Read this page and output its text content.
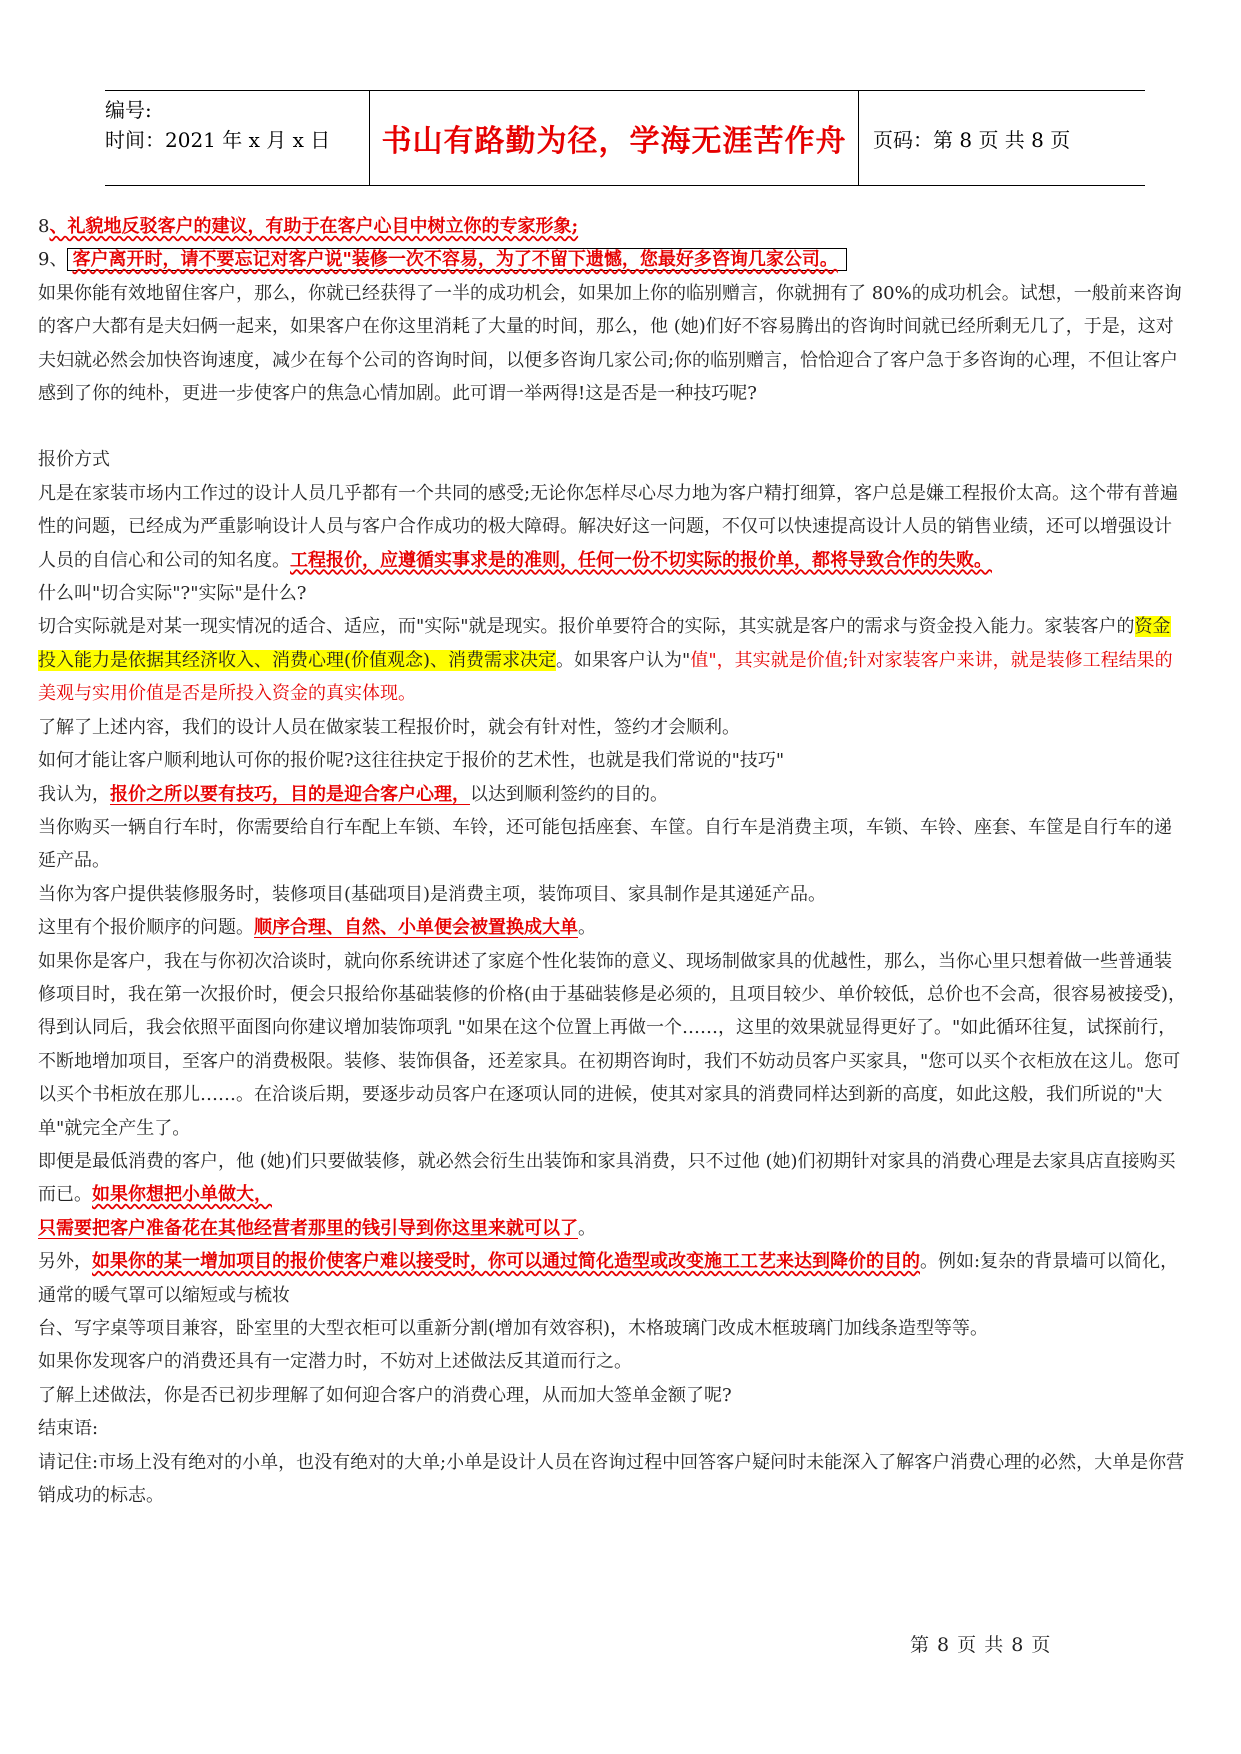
编号:
时间：2021 年 x 月 x 日	书山有路勤为径，学海无涯苦作舟	页码：第 8 页 共 8 页

8、礼貌地反驳客户的建议，有助于在客户心目中树立你的专家形象;

9、 客户离开时，请不要忘记对客户说"装修一次不容易，为了不留下遗憾，您最好多咨询几家公司。

如果你能有效地留住客户，那么，你就已经获得了一半的成功机会，如果加上你的临别赠言，你就拥有了 80%的成功机会。试想，一般前来咨询的客户大都有是夫妇俩一起来，如果客户在你这里消耗了大量的时间，那么，他 (她)们好不容易腾出的咨询时间就已经所剩无几了，于是，这对夫妇就必然会加快咨询速度，减少在每个公司的咨询时间，以便多咨询几家公司;你的临别赠言，恰恰迎合了客户急于多咨询的心理，不但让客户感到了你的纯朴，更进一步使客户的焦急心情加剧。此可谓一举两得!这是否是一种技巧呢?

报价方式

凡是在家装市场内工作过的设计人员几乎都有一个共同的感受;无论你怎样尽心尽力地为客户精打细算，客户总是嫌工程报价太高。这个带有普遍性的问题，已经成为严重影响设计人员与客户合作成功的极大障碍。解决好这一问题，不仅可以快速提高设计人员的销售业绩，还可以增强设计人员的自信心和公司的知名度。工程报价，应遵循实事求是的准则，任何一份不切实际的报价单，都将导致合作的失败。

什么叫"切合实际"?"实际"是什么?

切合实际就是对某一现实情况的适合、适应，而"实际"就是现实。报价单要符合的实际，其实就是客户的需求与资金投入能力。家装客户的资金投入能力是依据其经济收入、消费心理(价值观念)、消费需求决定。如果客户认为"值"，其实就是价值;针对家装客户来讲，就是装修工程结果的美观与实用价值是否是所投入资金的真实体现。

了解了上述内容，我们的设计人员在做家装工程报价时，就会有针对性，签约才会顺利。

如何才能让客户顺利地认可你的报价呢?这往往抉定于报价的艺术性，也就是我们常说的"技巧"

我认为，报价之所以要有技巧，目的是迎合客户心理，以达到顺利签约的目的。

当你购买一辆自行车时，你需要给自行车配上车锁、车铃，还可能包括座套、车筐。自行车是消费主项，车锁、车铃、座套、车筐是自行车的递延产品。

当你为客户提供装修服务时，装修项目(基础项目)是消费主项，装饰项目、家具制作是其递延产品。

这里有个报价顺序的问题。顺序合理、自然、小单便会被置换成大单。

如果你是客户，我在与你初次洽谈时，就向你系统讲述了家庭个性化装饰的意义、现场制做家具的优越性，那么，当你心里只想着做一些普通装修项目时，我在第一次报价时，便会只报给你基础装修的价格(由于基础装修是必须的，且项目较少、单价较低，总价也不会高，很容易被接受)，得到认同后，我会依照平面图向你建议增加装饰项乳 "如果在这个位置上再做一个……，这里的效果就显得更好了。"如此循环往复，试探前行，不断地增加项目，至客户的消费极限。装修、装饰俱备，还差家具。在初期咨询时，我们不妨动员客户买家具，"您可以买个衣柜放在这儿。您可以买个书柜放在那儿……。在洽谈后期，要逐步动员客户在逐项认同的进候，使其对家具的消费同样达到新的高度，如此这般，我们所说的"大单"就完全产生了。

即便是最低消费的客户，他 (她)们只要做装修，就必然会衍生出装饰和家具消费，只不过他 (她)们初期针对家具的消费心理是去家具店直接购买而已。如果你想把小单做大，

只需要把客户准备花在其他经营者那里的钱引导到你这里来就可以了。

另外，如果你的某一增加项目的报价使客户难以接受时，你可以通过简化造型或改变施工工艺来达到降价的目的。例如:复杂的背景墙可以简化，通常的暖气罩可以缩短或与梳妆

台、写字桌等项目兼容，卧室里的大型衣柜可以重新分割(增加有效容积)，木格玻璃门改成木框玻璃门加线条造型等等。

如果你发现客户的消费还具有一定潜力时，不妨对上述做法反其道而行之。

了解上述做法，你是否已初步理解了如何迎合客户的消费心理，从而加大签单金额了呢?

结束语:

请记住:市场上没有绝对的小单，也没有绝对的大单;小单是设计人员在咨询过程中回答客户疑问时未能深入了解客户消费心理的必然，大单是你营销成功的标志。

第 8 页 共 8 页
